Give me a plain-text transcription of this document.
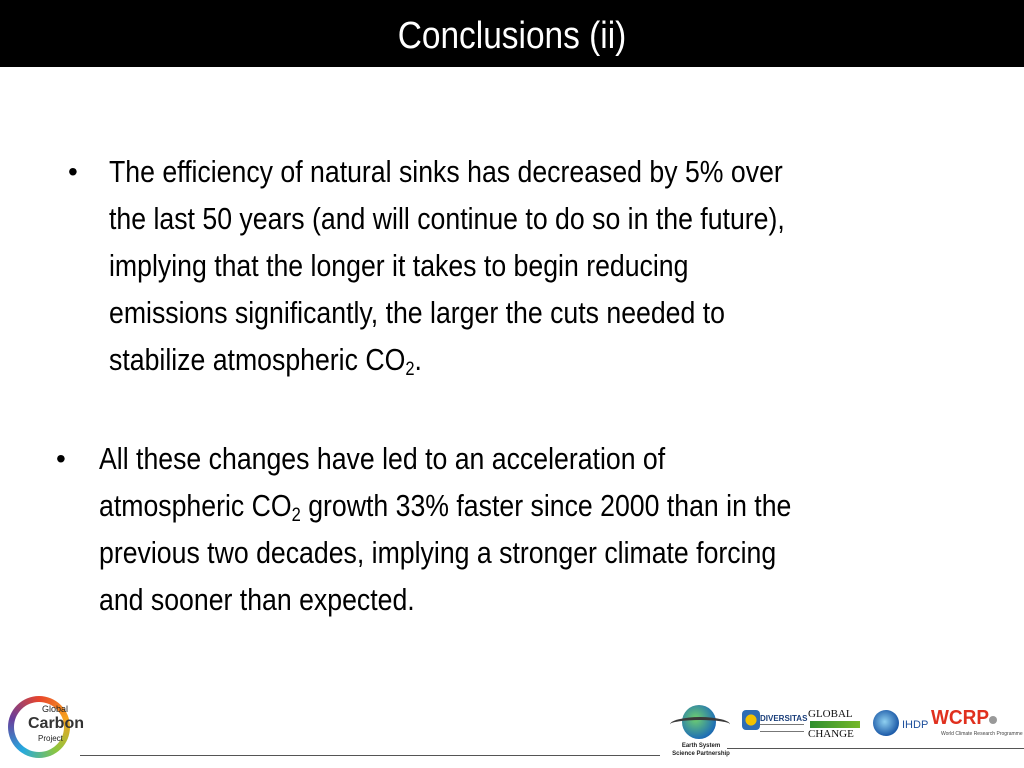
Conclusions (ii)
• The efficiency of natural sinks has decreased by 5% over
the last 50 years (and will continue to do so in the future),
implying that the longer it takes to begin reducing
emissions significantly, the larger the cuts needed to
stabilize atmospheric $CO_2$.
• All these changes have led to an acceleration of
atmospheric $CO_2$ growth 33% faster since 2000 than in the
previous two decades, implying a stronger climate forcing
and sooner than expected.
Global
Carbon
Project
Earth System
Science Partnership
DIVERSITAS GLOBAL
CHANGE
IHDP WCRP
World Climate Research Programme
